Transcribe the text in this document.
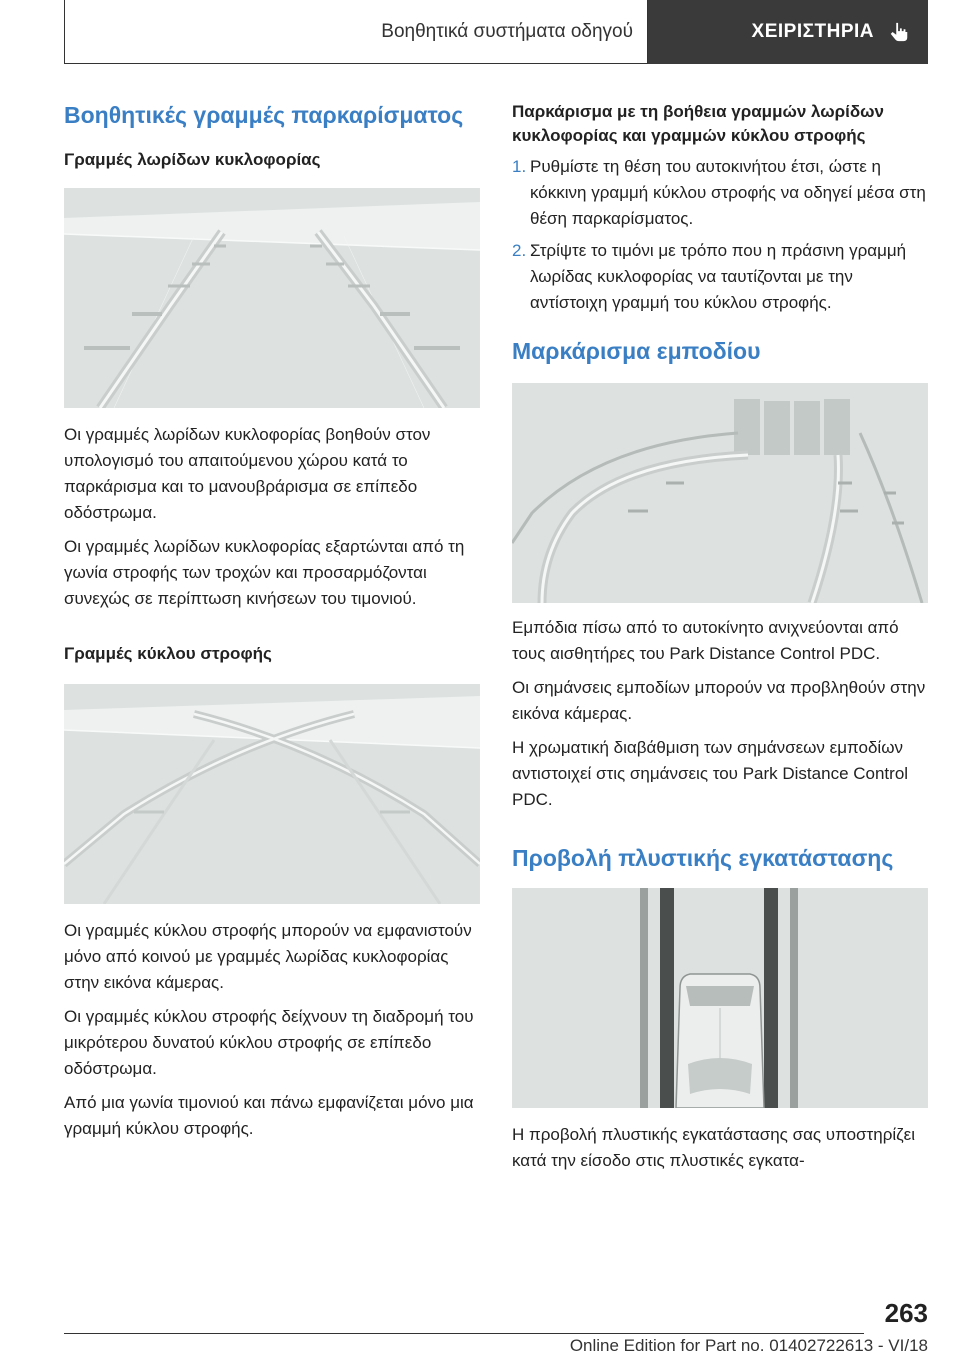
Βοηθητικά συστήματα οδηγού	ΧΕΙΡΙΣΤΗΡΙΑ
Βοηθητικές γραμμές παρκαρίσματος
Γραμμές λωρίδων κυκλοφορίας

Οι γραμμές λωρίδων κυκλοφορίας βοηθούν στον υπολογισμό του απαιτούμενου χώρου κατά το παρκάρισμα και το μανουβράρισμα σε επίπεδο οδόστρωμα.

Οι γραμμές λωρίδων κυκλοφορίας εξαρτώνται από τη γωνία στροφής των τροχών και προσαρμόζονται συνεχώς σε περίπτωση κινήσεων του τιμονιού.

Γραμμές κύκλου στροφής

Οι γραμμές κύκλου στροφής μπορούν να εμφανιστούν μόνο από κοινού με γραμμές λωρίδας κυκλοφορίας στην εικόνα κάμερας.

Οι γραμμές κύκλου στροφής δείχνουν τη διαδρομή του μικρότερου δυνατού κύκλου στροφής σε επίπεδο οδόστρωμα.

Από μια γωνία τιμονιού και πάνω εμφανίζεται μόνο μια γραμμή κύκλου στροφής.

Παρκάρισμα με τη βοήθεια γραμμών λωρίδων κυκλοφορίας και γραμμών κύκλου στροφής
1. Ρυθμίστε τη θέση του αυτοκινήτου έτσι, ώστε η κόκκινη γραμμή κύκλου στροφής να οδηγεί μέσα στη θέση παρκαρίσματος.
2. Στρίψτε το τιμόνι με τρόπο που η πράσινη γραμμή λωρίδας κυκλοφορίας να ταυτίζονται με την αντίστοιχη γραμμή του κύκλου στροφής.
Μαρκάρισμα εμποδίου

Εμπόδια πίσω από το αυτοκίνητο ανιχνεύονται από τους αισθητήρες του Park Distance Control PDC.

Οι σημάνσεις εμποδίων μπορούν να προβληθούν στην εικόνα κάμερας.

Η χρωματική διαβάθμιση των σημάνσεων εμποδίων αντιστοιχεί στις σημάνσεις του Park Distance Control PDC.

Προβολή πλυστικής εγκατάστασης

Η προβολή πλυστικής εγκατάστασης σας υποστηρίζει κατά την είσοδο στις πλυστικές εγκατα-

263
Online Edition for Part no. 01402722613 - VI/18
